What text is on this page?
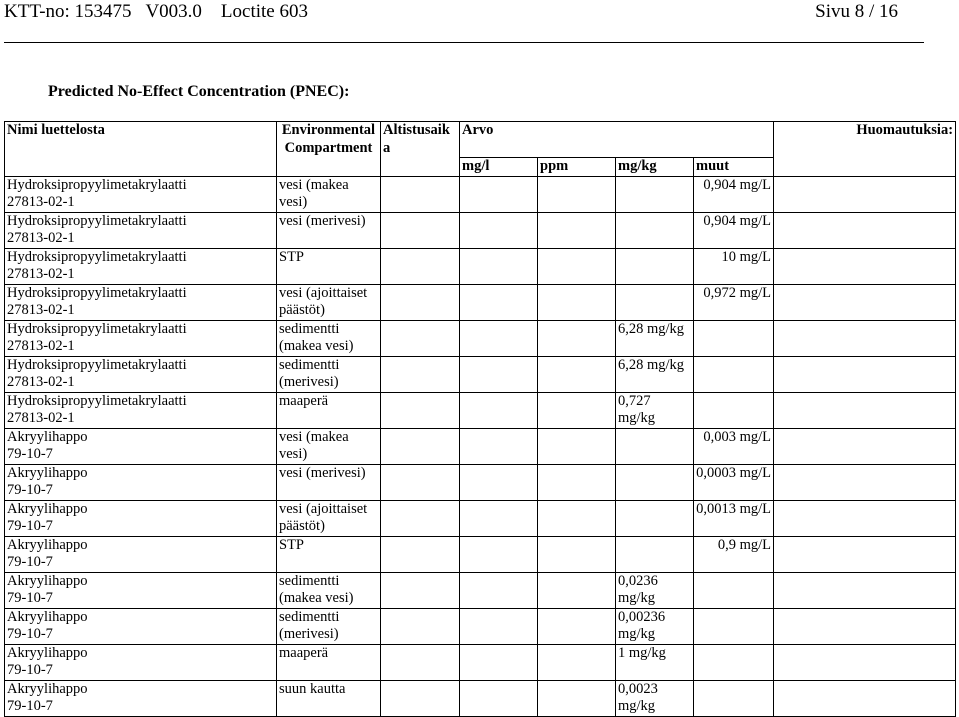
KTT-no: 153475   V003.0    Loctite 603	Sivu 8 / 16
Predicted No-Effect Concentration (PNEC):
Nimi luettelosta	Environmental Compartment	Altistusaika	Arvo				Huomautuksia:
			mg/l	ppm	mg/kg	muut	

Hydroksipropyylimetakrylaatti
27813-02-1	vesi (makea vesi)					0,904 mg/L	

Hydroksipropyylimetakrylaatti
27813-02-1	vesi (merivesi)					0,904 mg/L	

Hydroksipropyylimetakrylaatti
27813-02-1	STP					10 mg/L	

Hydroksipropyylimetakrylaatti
27813-02-1	vesi (ajoittaiset päästöt)					0,972 mg/L	

Hydroksipropyylimetakrylaatti
27813-02-1	sedimentti (makea vesi)				6,28 mg/kg		

Hydroksipropyylimetakrylaatti
27813-02-1	sedimentti (merivesi)				6,28 mg/kg		

Hydroksipropyylimetakrylaatti
27813-02-1	maaperä				0,727 mg/kg		

Akryylihappo
79-10-7	vesi (makea vesi)					0,003 mg/L	

Akryylihappo
79-10-7	vesi (merivesi)					0,0003 mg/L	

Akryylihappo
79-10-7	vesi (ajoittaiset päästöt)					0,0013 mg/L	

Akryylihappo
79-10-7	STP					0,9 mg/L	

Akryylihappo
79-10-7	sedimentti (makea vesi)				0,0236 mg/kg		

Akryylihappo
79-10-7	sedimentti (merivesi)				0,00236 mg/kg		

Akryylihappo
79-10-7	maaperä				1 mg/kg		

Akryylihappo
79-10-7	suun kautta				0,0023 mg/kg		
